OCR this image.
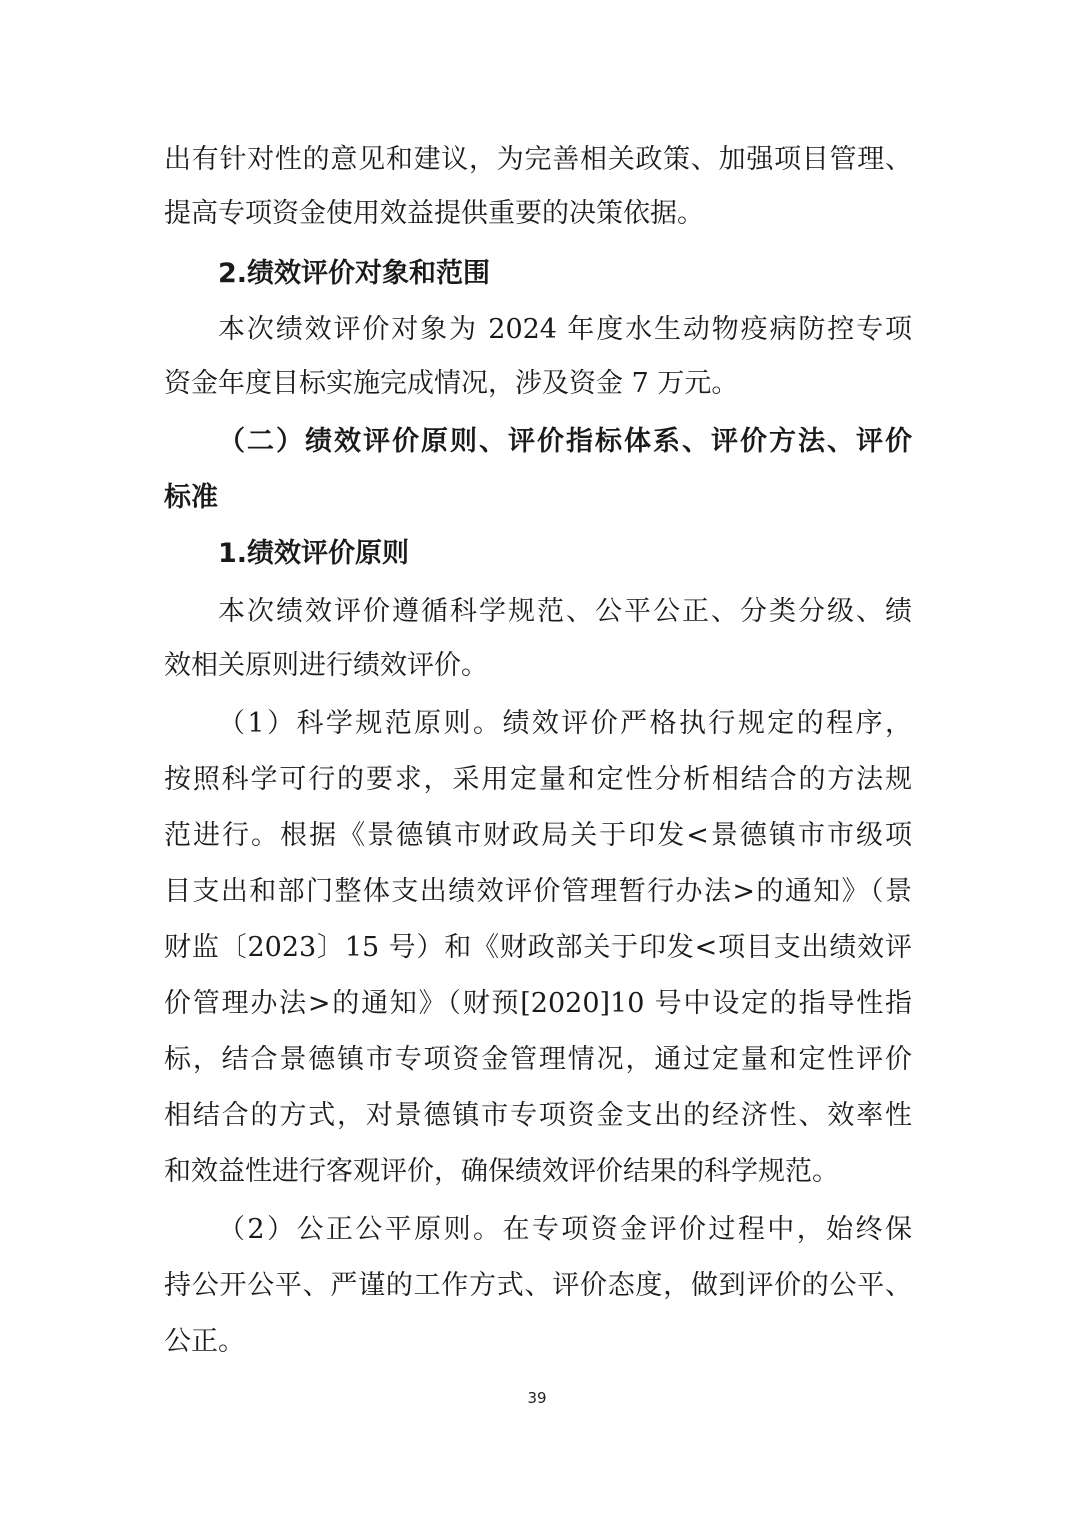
出有针对性的意见和建议，为完善相关政策、加强项目管理、
提高专项资金使用效益提供重要的决策依据。
2.绩效评价对象和范围
本次绩效评价对象为 2024 年度水生动物疫病防控专项
资金年度目标实施完成情况，涉及资金 7 万元。
（二）绩效评价原则、评价指标体系、评价方法、评价
标准
1.绩效评价原则
本次绩效评价遵循科学规范、公平公正、分类分级、绩
效相关原则进行绩效评价。
（1）科学规范原则。绩效评价严格执行规定的程序，
按照科学可行的要求，采用定量和定性分析相结合的方法规
范进行。根据《景德镇市财政局关于印发<景德镇市市级项
目支出和部门整体支出绩效评价管理暂行办法>的通知》（景
财监〔2023〕15 号）和《财政部关于印发<项目支出绩效评
价管理办法>的通知》（财预[2020]10 号中设定的指导性指
标，结合景德镇市专项资金管理情况，通过定量和定性评价
相结合的方式，对景德镇市专项资金支出的经济性、效率性
和效益性进行客观评价，确保绩效评价结果的科学规范。
（2）公正公平原则。在专项资金评价过程中，始终保
持公开公平、严谨的工作方式、评价态度，做到评价的公平、
公正。
39
